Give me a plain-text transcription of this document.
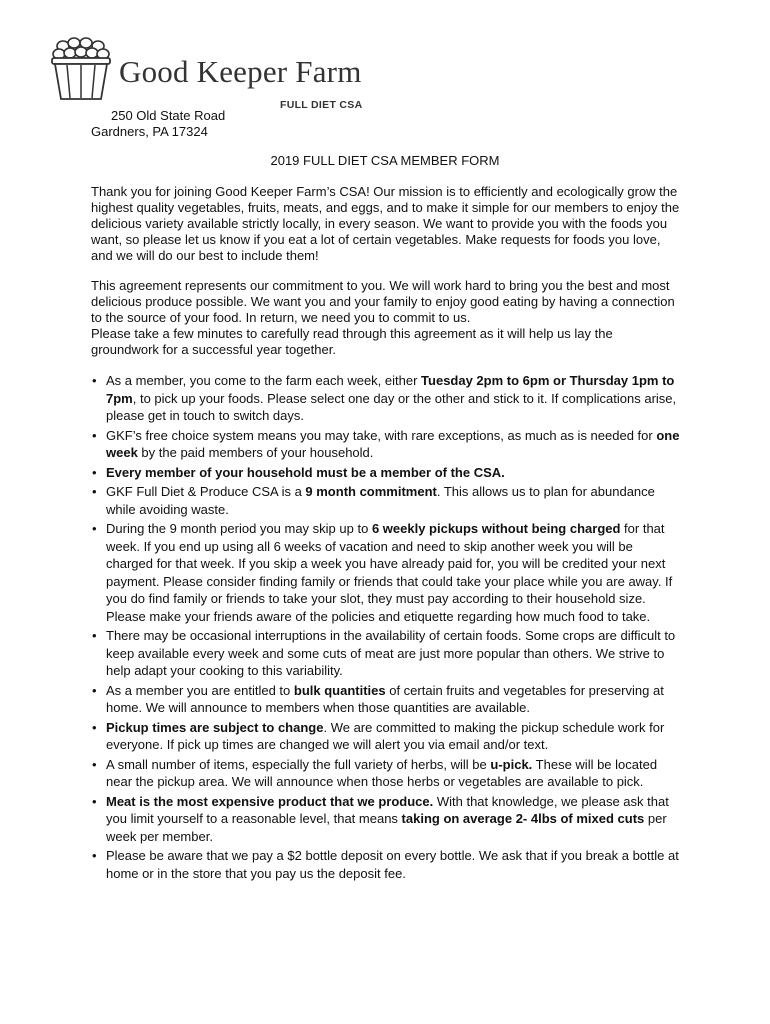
Good Keeper Farm
FULL DIET CSA
250 Old State Road
Gardners, PA 17324
2019 FULL DIET CSA MEMBER FORM

Thank you for joining Good Keeper Farm’s CSA! Our mission is to efficiently and ecologically grow the highest quality vegetables, fruits, meats, and eggs, and to make it simple for our members to enjoy the delicious variety available strictly locally, in every season. We want to provide you with the foods you want, so please let us know if you eat a lot of certain vegetables. Make requests for foods you love, and we will do our best to include them!

This agreement represents our commitment to you. We will work hard to bring you the best and most delicious produce possible. We want you and your family to enjoy good eating by having a connection to the source of your food. In return, we need you to commit to us.
Please take a few minutes to carefully read through this agreement as it will help us lay the groundwork for a successful year together.

• As a member, you come to the farm each week, either Tuesday 2pm to 6pm or Thursday 1pm to 7pm, to pick up your foods. Please select one day or the other and stick to it. If complications arise, please get in touch to switch days.
• GKF’s free choice system means you may take, with rare exceptions, as much as is needed for one week by the paid members of your household.
• Every member of your household must be a member of the CSA.
• GKF Full Diet & Produce CSA is a 9 month commitment. This allows us to plan for abundance while avoiding waste.
• During the 9 month period you may skip up to 6 weekly pickups without being charged for that week. If you end up using all 6 weeks of vacation and need to skip another week you will be charged for that week. If you skip a week you have already paid for, you will be credited your next payment. Please consider finding family or friends that could take your place while you are away. If you do find family or friends to take your slot, they must pay according to their household size. Please make your friends aware of the policies and etiquette regarding how much food to take.
• There may be occasional interruptions in the availability of certain foods. Some crops are difficult to keep available every week and some cuts of meat are just more popular than others. We strive to help adapt your cooking to this variability.
• As a member you are entitled to bulk quantities of certain fruits and vegetables for preserving at home. We will announce to members when those quantities are available.
• Pickup times are subject to change. We are committed to making the pickup schedule work for everyone. If pick up times are changed we will alert you via email and/or text.
• A small number of items, especially the full variety of herbs, will be u-pick. These will be located near the pickup area. We will announce when those herbs or vegetables are available to pick.
• Meat is the most expensive product that we produce. With that knowledge, we please ask that you limit yourself to a reasonable level, that means taking on average 2- 4lbs of mixed cuts per week per member.
• Please be aware that we pay a $2 bottle deposit on every bottle. We ask that if you break a bottle at home or in the store that you pay us the deposit fee.
